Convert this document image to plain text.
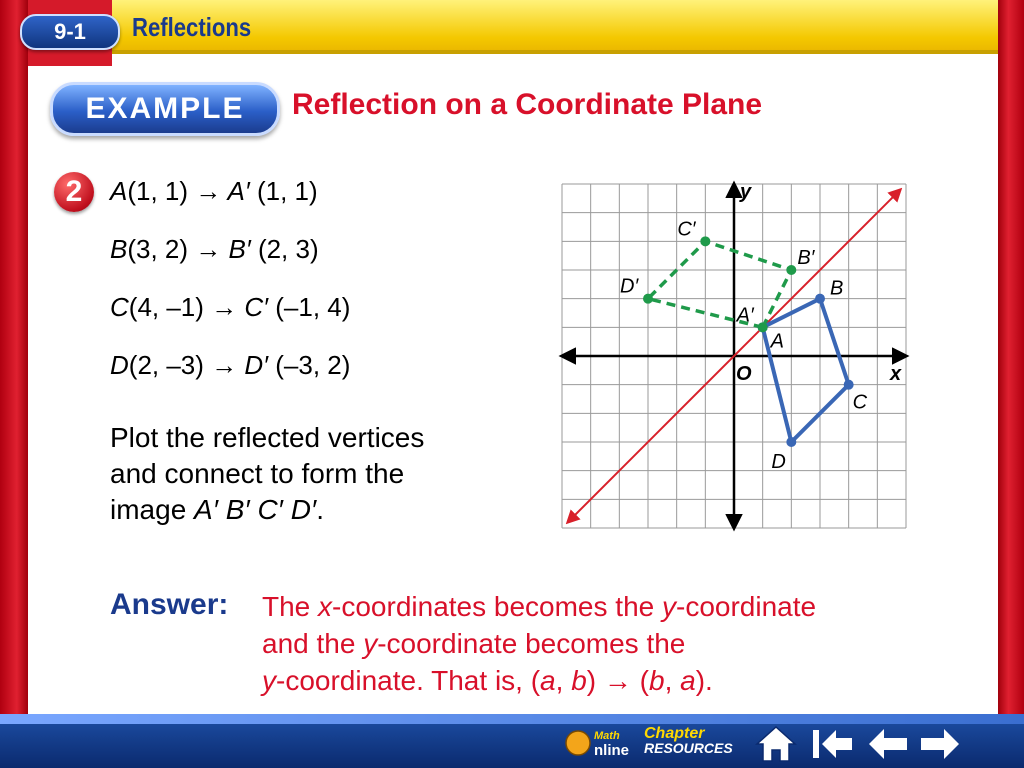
9-1	Reflections
EXAMPLE	Reflection on a Coordinate Plane
2	A(1, 1) → A′ (1, 1)
B(3, 2) → B′ (2, 3)
C(4, –1) → C′ (–1, 4)
D(2, –3) → D′ (–3, 2)
Plot the reflected vertices
and connect to form the
image A′ B′ C′ D′.
A
B
C
D
A′
B′
C′
D′
x
y
O
Answer: The x-coordinates becomes the y-coordinate
and the y-coordinate becomes the
y-coordinate. That is, (a, b) → (b, a).
Math
nline
Chapter
RESOURCES
